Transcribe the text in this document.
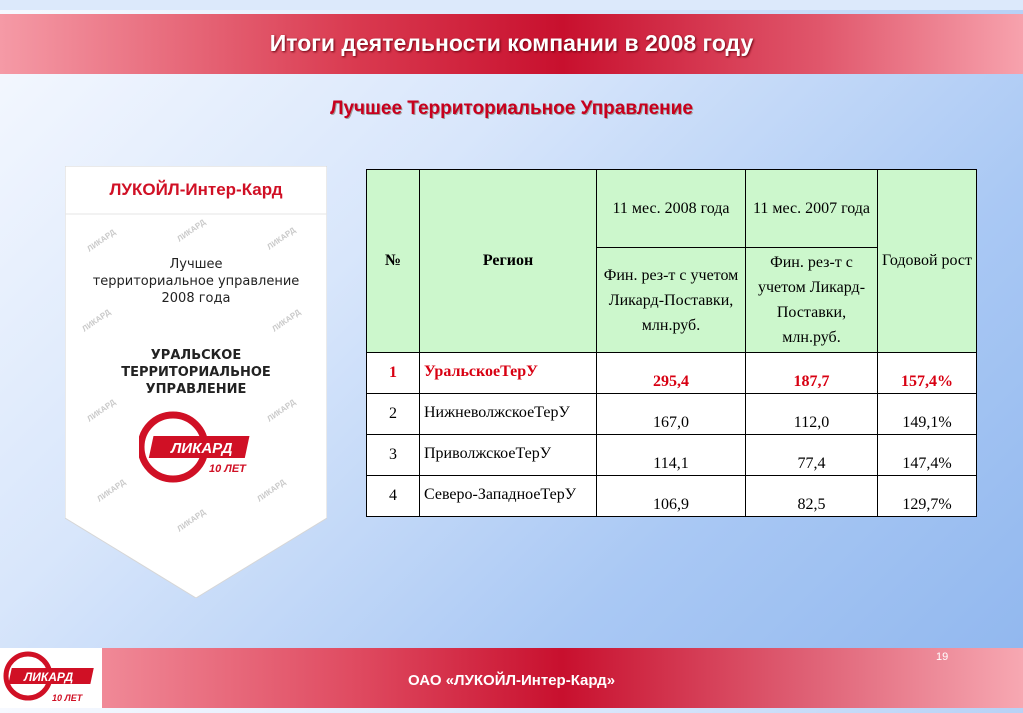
Итоги деятельности компании в 2008 году
Лучшее Территориальное Управление
ЛИКАРД	ЛИКАРД	ЛИКАРД
ЛИКАРД	ЛИКАРД
ЛИКАРД	ЛИКАРД
ЛИКАРД
ЛИКАРД
ЛИКАРД
ЛУКОЙЛ-Интер-Кард
Лучшее
территориальное управление
2008 года
УРАЛЬСКОЕ
ТЕРРИТОРИАЛЬНОЕ
УПРАВЛЕНИЕ
ЛИКАРД
10 ЛЕТ
№	Регион	11 мес. 2008 года	11 мес. 2007 года	Годовой рост
		Фин. рез-т с учетом Ликард-Поставки, млн.руб.	Фин. рез-т с учетом Ликард-Поставки, млн.руб.	
1	УральскоеТерУ	295,4	187,7	157,4%
2	НижневолжскоеТерУ	167,0	112,0	149,1%
3	ПриволжскоеТерУ	114,1	77,4	147,4%
4	Северо-ЗападноеТерУ	106,9	82,5	129,7%
ОАО «ЛУКОЙЛ-Интер-Кард»
ЛИКАРД
10 ЛЕТ
19
